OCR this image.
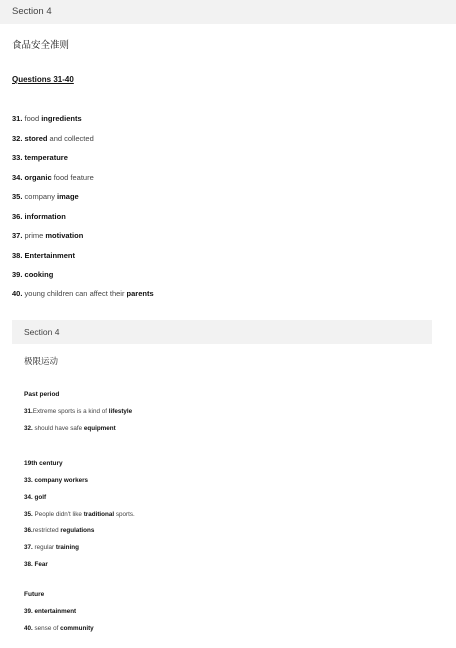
Section 4
食品安全准则
Questions 31-40
31. food ingredients
32. stored and collected
33. temperature
34. organic food feature
35. company image
36. information
37. prime motivation
38. Entertainment
39. cooking
40. young children can affect their parents
Section 4
极限运动
Past period
31.Extreme sports is a kind of lifestyle
32. should have safe equipment
19th century
33. company workers
34. golf
35. People didn't like traditional sports.
36.restricted regulations
37. regular training
38. Fear
Future
39. entertainment
40. sense of community
